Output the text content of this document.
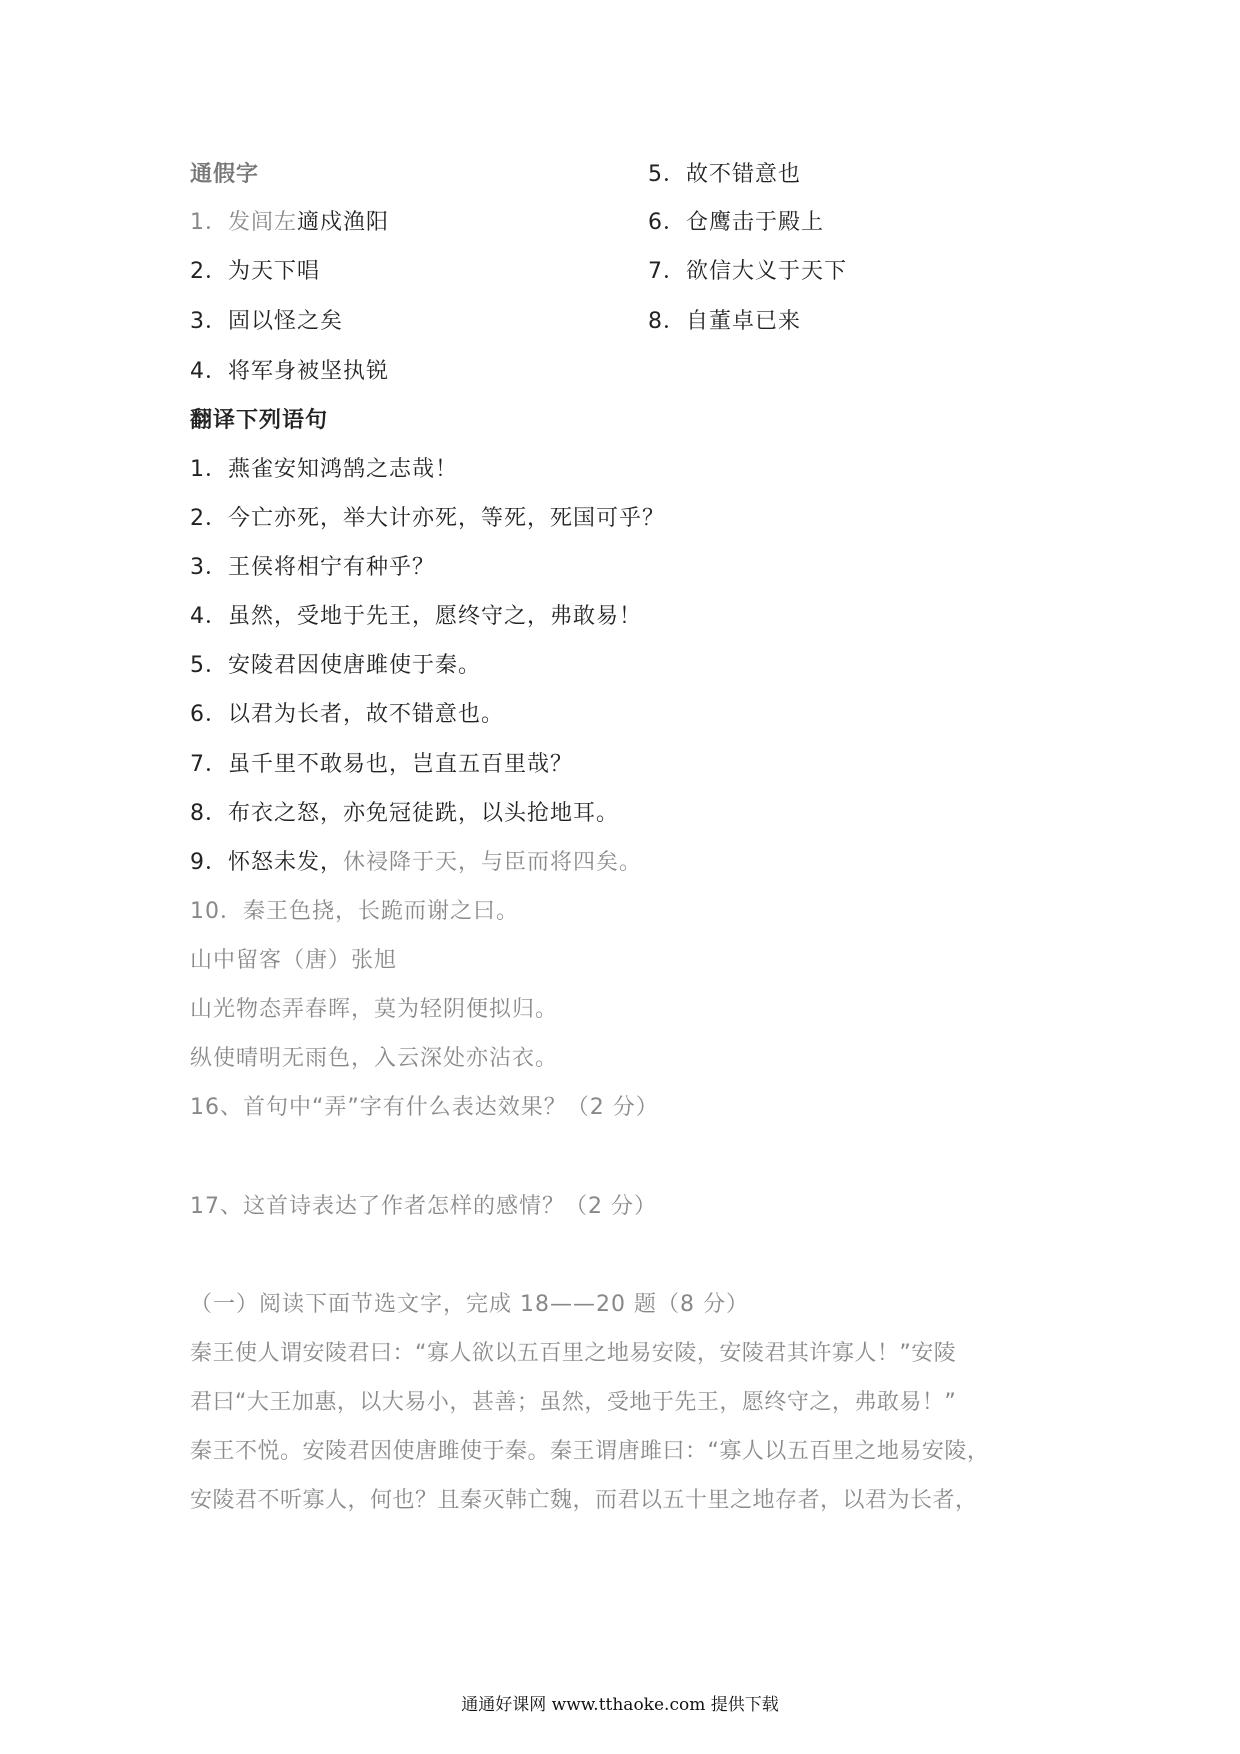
通假字
1．发闾左適戍渔阳
2．为天下唱
3．固以怪之矣
4．将军身被坚执锐
5．故不错意也
6．仓鹰击于殿上
7．欲信大义于天下
8．自董卓已来
翻译下列语句
1．燕雀安知鸿鹄之志哉！
2．今亡亦死，举大计亦死，等死，死国可乎？
3．王侯将相宁有种乎？
4．虽然，受地于先王，愿终守之，弗敢易！
5．安陵君因使唐雎使于秦。
6．以君为长者，故不错意也。
7．虽千里不敢易也，岂直五百里哉？
8．布衣之怒，亦免冠徒跣，以头抢地耳。
9．怀怒未发，休祲降于天，与臣而将四矣。
10．秦王色挠，长跪而谢之曰。
山中留客（唐）张旭
山光物态弄春晖，莫为轻阴便拟归。
纵使晴明无雨色，入云深处亦沾衣。
16、首句中“弄”字有什么表达效果？（2 分）
17、这首诗表达了作者怎样的感情？（2 分）
（一）阅读下面节选文字，完成 18——20 题（8 分）
秦王使人谓安陵君曰：“寡人欲以五百里之地易安陵，安陵君其许寡人！”安陵
君曰“大王加惠，以大易小，甚善；虽然，受地于先王，愿终守之，弗敢易！”
秦王不悦。安陵君因使唐雎使于秦。秦王谓唐雎曰：“寡人以五百里之地易安陵，
安陵君不听寡人，何也？且秦灭韩亡魏，而君以五十里之地存者，以君为长者，
通通好课网 www.tthaoke.com 提供下载
